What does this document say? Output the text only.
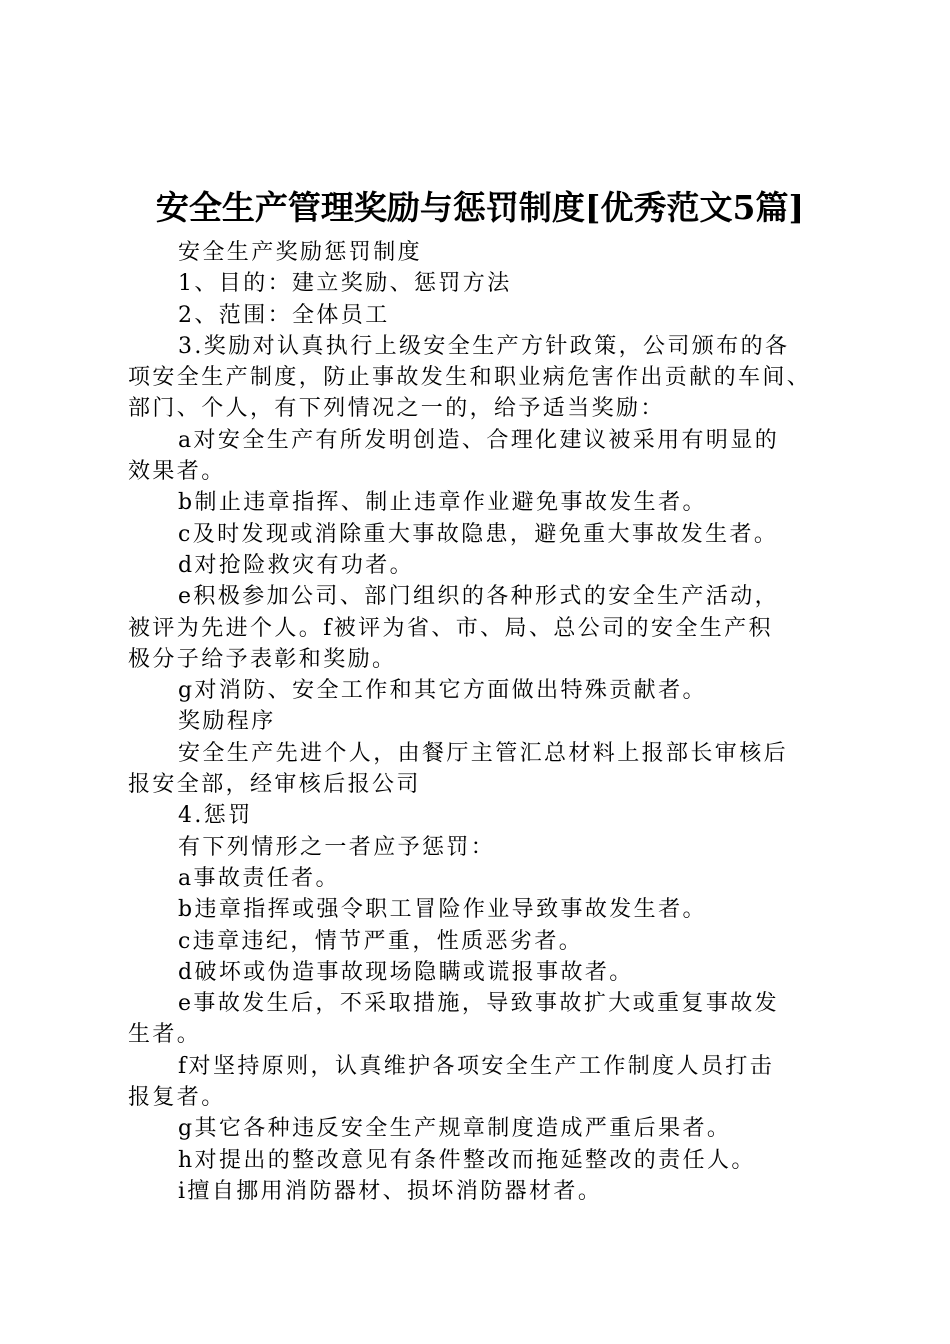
安全生产管理奖励与惩罚制度[优秀范文5篇]

安全生产奖励惩罚制度

1、目的：建立奖励、惩罚方法

2、范围：全体员工

3.奖励对认真执行上级安全生产方针政策，公司颁布的各
项安全生产制度，防止事故发生和职业病危害作出贡献的车间、
部门、个人，有下列情况之一的，给予适当奖励：

a对安全生产有所发明创造、合理化建议被采用有明显的
效果者。

b制止违章指挥、制止违章作业避免事故发生者。

c及时发现或消除重大事故隐患，避免重大事故发生者。

d对抢险救灾有功者。

e积极参加公司、部门组织的各种形式的安全生产活动，
被评为先进个人。f被评为省、市、局、总公司的安全生产积
极分子给予表彰和奖励。

g对消防、安全工作和其它方面做出特殊贡献者。

奖励程序

安全生产先进个人，由餐厅主管汇总材料上报部长审核后
报安全部，经审核后报公司

4.惩罚

有下列情形之一者应予惩罚：

a事故责任者。

b违章指挥或强令职工冒险作业导致事故发生者。

c违章违纪，情节严重，性质恶劣者。

d破坏或伪造事故现场隐瞒或谎报事故者。

e事故发生后，不采取措施，导致事故扩大或重复事故发
生者。

f对坚持原则，认真维护各项安全生产工作制度人员打击
报复者。

g其它各种违反安全生产规章制度造成严重后果者。

h对提出的整改意见有条件整改而拖延整改的责任人。

i擅自挪用消防器材、损坏消防器材者。
